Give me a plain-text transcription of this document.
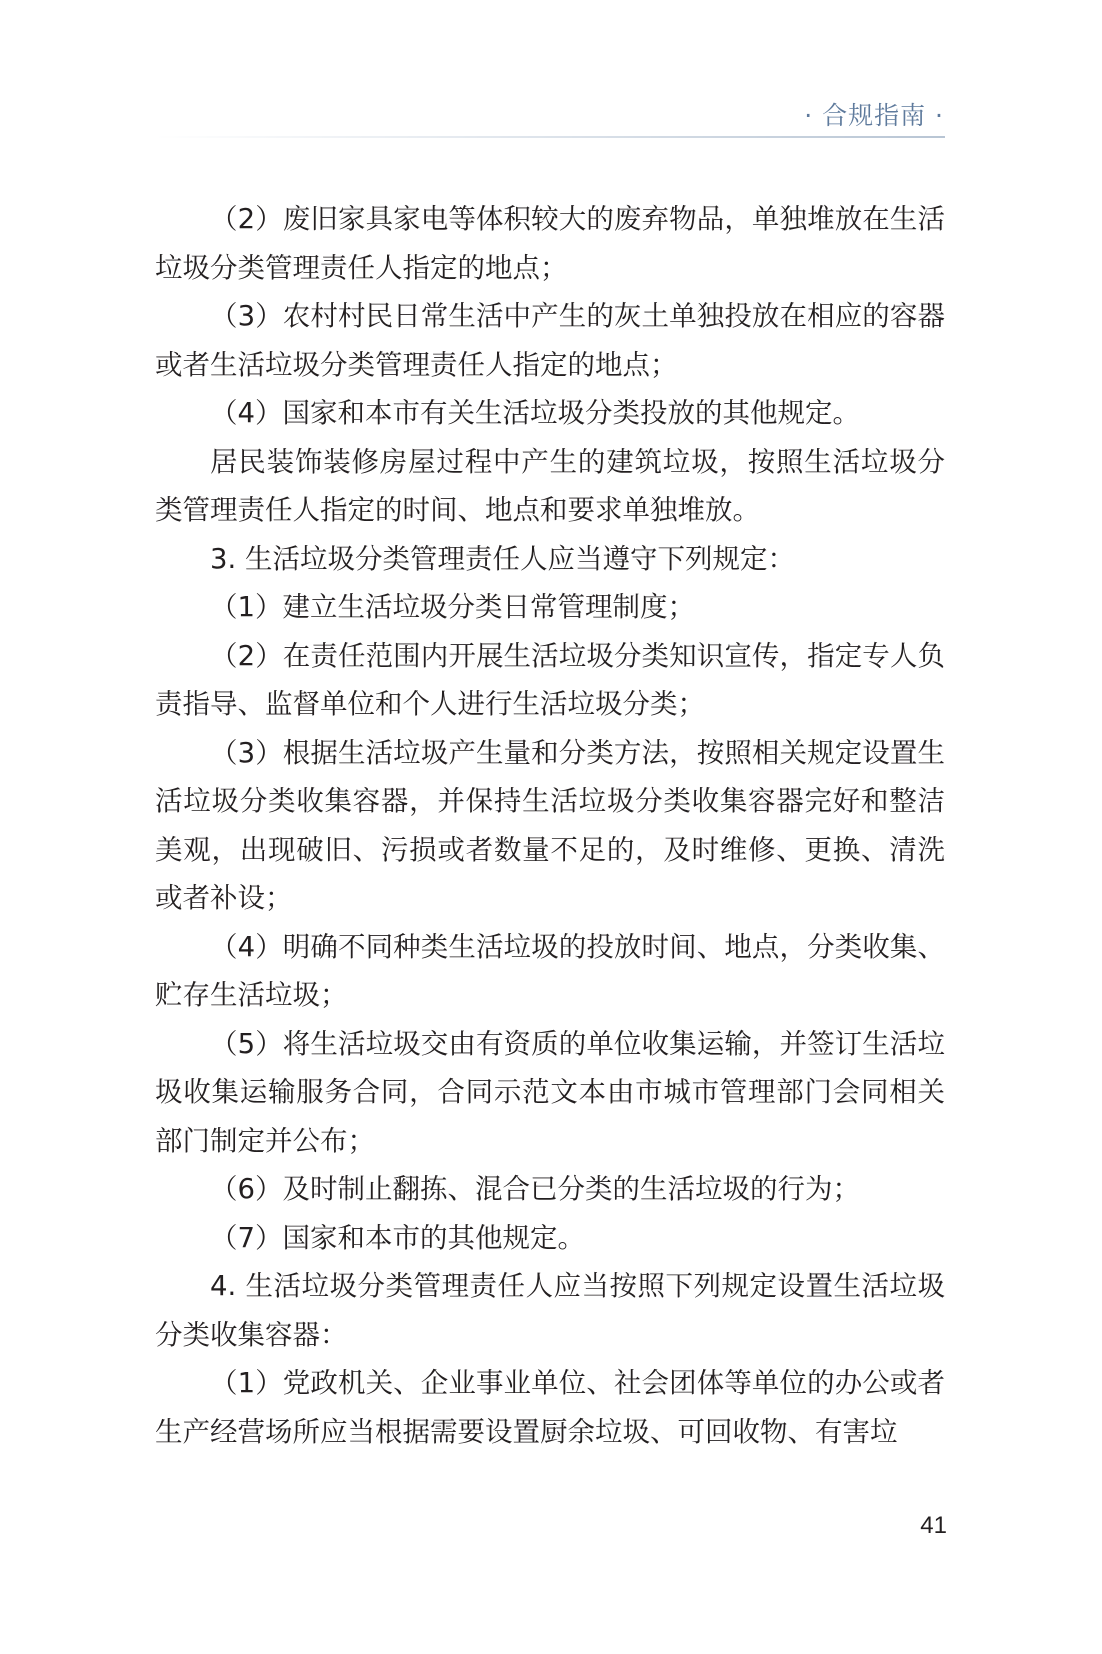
· 合规指南 ·

（2）废旧家具家电等体积较大的废弃物品，单独堆放在生活垃圾分类管理责任人指定的地点；

（3）农村村民日常生活中产生的灰土单独投放在相应的容器或者生活垃圾分类管理责任人指定的地点；

（4）国家和本市有关生活垃圾分类投放的其他规定。

居民装饰装修房屋过程中产生的建筑垃圾，按照生活垃圾分类管理责任人指定的时间、地点和要求单独堆放。

3. 生活垃圾分类管理责任人应当遵守下列规定：

（1）建立生活垃圾分类日常管理制度；

（2）在责任范围内开展生活垃圾分类知识宣传，指定专人负责指导、监督单位和个人进行生活垃圾分类；

（3）根据生活垃圾产生量和分类方法，按照相关规定设置生活垃圾分类收集容器，并保持生活垃圾分类收集容器完好和整洁美观，出现破旧、污损或者数量不足的，及时维修、更换、清洗或者补设；

（4）明确不同种类生活垃圾的投放时间、地点，分类收集、贮存生活垃圾；

（5）将生活垃圾交由有资质的单位收集运输，并签订生活垃圾收集运输服务合同，合同示范文本由市城市管理部门会同相关部门制定并公布；

（6）及时制止翻拣、混合已分类的生活垃圾的行为；

（7）国家和本市的其他规定。

4. 生活垃圾分类管理责任人应当按照下列规定设置生活垃圾分类收集容器：

（1）党政机关、企业事业单位、社会团体等单位的办公或者生产经营场所应当根据需要设置厨余垃圾、可回收物、有害垃

41
